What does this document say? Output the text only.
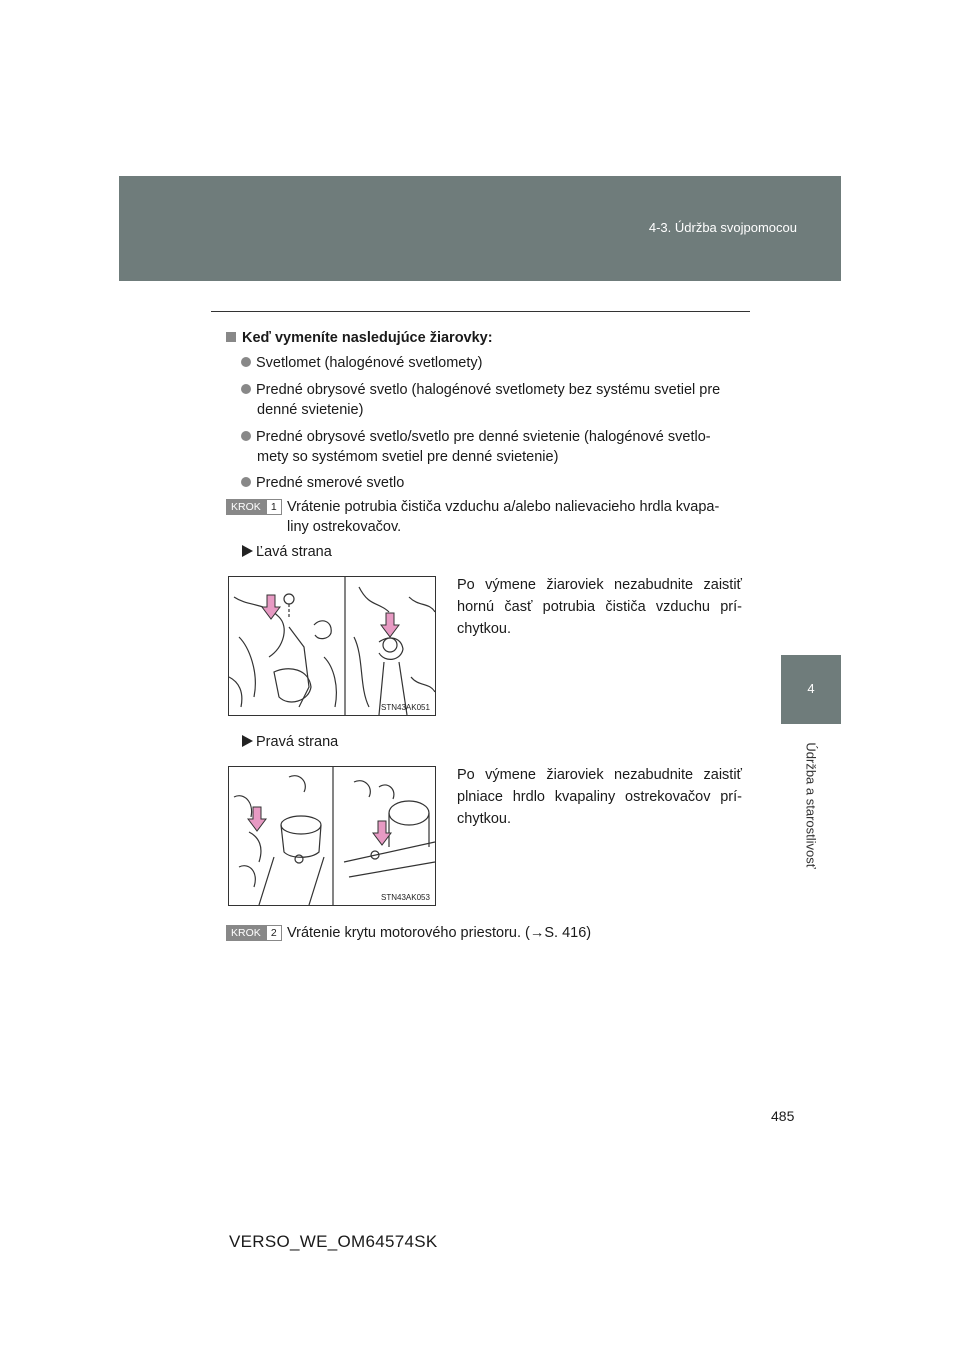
4-3. Údržba svojpomocou
4
Údržba a starostlivosť
Keď vymeníte nasledujúce žiarovky:
Svetlomet (halogénové svetlomety)
Predné obrysové svetlo (halogénové svetlomety bez systému svetiel pre
denné svietenie)
Predné obrysové svetlo/svetlo pre denné svietenie (halogénové svetlo-
mety so systémom svetiel pre denné svietenie)
Predné smerové svetlo
KROK 1 Vrátenie potrubia čističa vzduchu a/alebo nalievacieho hrdla kvapa-
liny ostrekovačov.
Ľavá strana
STN43AK051
Po výmene žiaroviek nezabudnite zaistiť
hornú časť potrubia čističa vzduchu prí-
chytkou.
Pravá strana
STN43AK053
Po výmene žiaroviek nezabudnite zaistiť
plniace hrdlo kvapaliny ostrekovačov prí-
chytkou.
KROK 2 Vrátenie krytu motorového priestoru. (→S. 416)
485
VERSO_WE_OM64574SK
